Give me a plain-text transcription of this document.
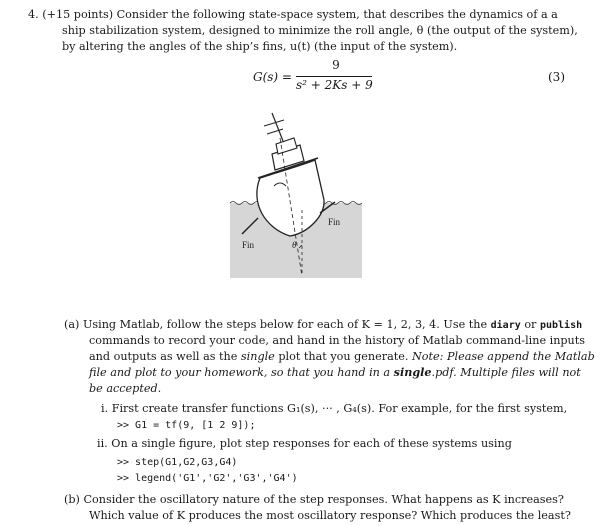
4. (+15 points) Consider the following state-space system, that describes the dynamics of a a
ship stabilization system, designed to minimize the roll angle, θ (the output of the system),
by altering the angles of the ship’s fins, u(t) (the input of the system).
G(s) =
9
s² + 2Ks + 9
(3)
Fin
Fin
θ
(a) Using Matlab, follow the steps below for each of K = 1, 2, 3, 4. Use the diary or publish
commands to record your code, and hand in the history of Matlab command-line inputs
and outputs as well as the single plot that you generate. Note: Please append the Matlab
file and plot to your homework, so that you hand in a single.pdf. Multiple files will not
be accepted.
i. First create transfer functions G₁(s), ··· , G₄(s). For example, for the first system,
>> G1 = tf(9, [1 2 9]);
ii. On a single figure, plot step responses for each of these systems using
>> step(G1,G2,G3,G4)
>> legend('G1','G2','G3','G4')
(b) Consider the oscillatory nature of the step responses. What happens as K increases?
Which value of K produces the most oscillatory response? Which produces the least?
